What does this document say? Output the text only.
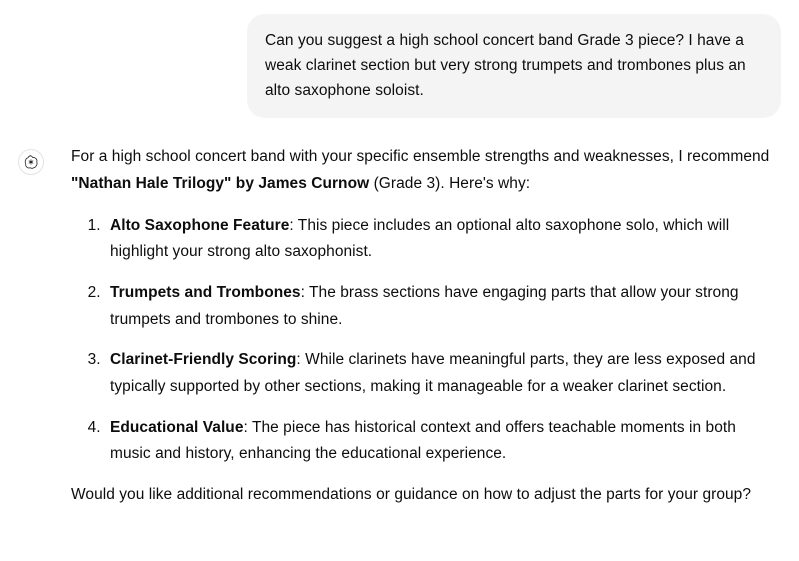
Can you suggest a high school concert band Grade 3 piece? I have a weak clarinet section but very strong trumpets and trombones plus an alto saxophone soloist.

For a high school concert band with your specific ensemble strengths and weaknesses, I recommend "Nathan Hale Trilogy" by James Curnow (Grade 3). Here's why:

1. Alto Saxophone Feature: This piece includes an optional alto saxophone solo, which will highlight your strong alto saxophonist.
2. Trumpets and Trombones: The brass sections have engaging parts that allow your strong trumpets and trombones to shine.
3. Clarinet-Friendly Scoring: While clarinets have meaningful parts, they are less exposed and typically supported by other sections, making it manageable for a weaker clarinet section.
4. Educational Value: The piece has historical context and offers teachable moments in both music and history, enhancing the educational experience.

Would you like additional recommendations or guidance on how to adjust the parts for your group?
